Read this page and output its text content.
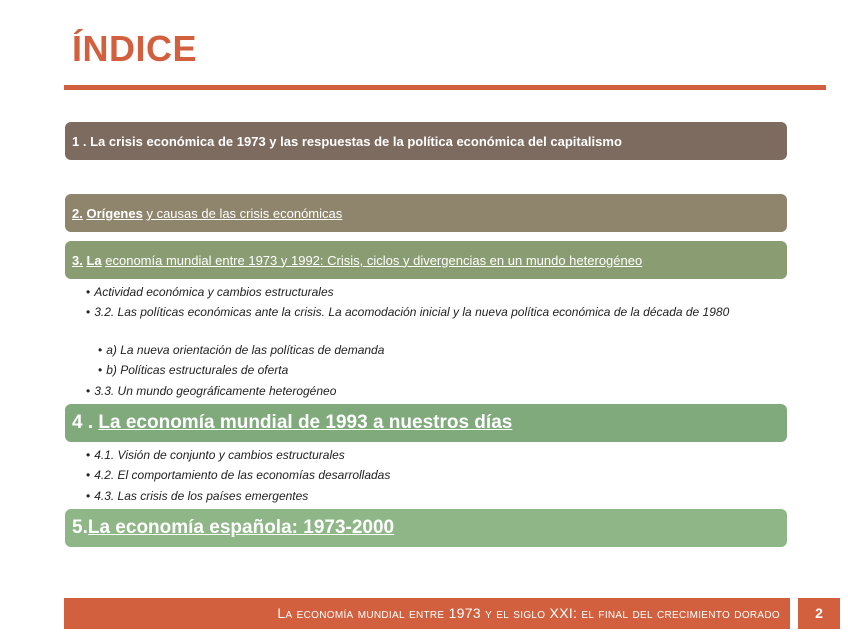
ÍNDICE
1 .
La crisis económica de 1973 y las respuestas de la política económica del capitalismo
2.
Orígenes
y causas de las crisis económicas
3.
La
economía mundial entre 1973 y 1992: Crisis, ciclos y divergencias en un mundo heterogéneo
• Actividad económica y cambios estructurales
• 3.2. Las políticas económicas ante la crisis. La acomodación inicial y la nueva política económica de la década de 1980
• a) La nueva orientación de las políticas de demanda
• b) Políticas estructurales de oferta
• 3.3. Un mundo geográficamente heterogéneo
4 .
La economía mundial de 1993 a nuestros días
• 4.1. Visión de conjunto y cambios estructurales
• 4.2. El comportamiento de las economías desarrolladas
• 4.3. Las crisis de los países emergentes
5. La economía española: 1973-2000
La economía mundial entre 1973 y el siglo XXI: el final del crecimiento dorado	2
